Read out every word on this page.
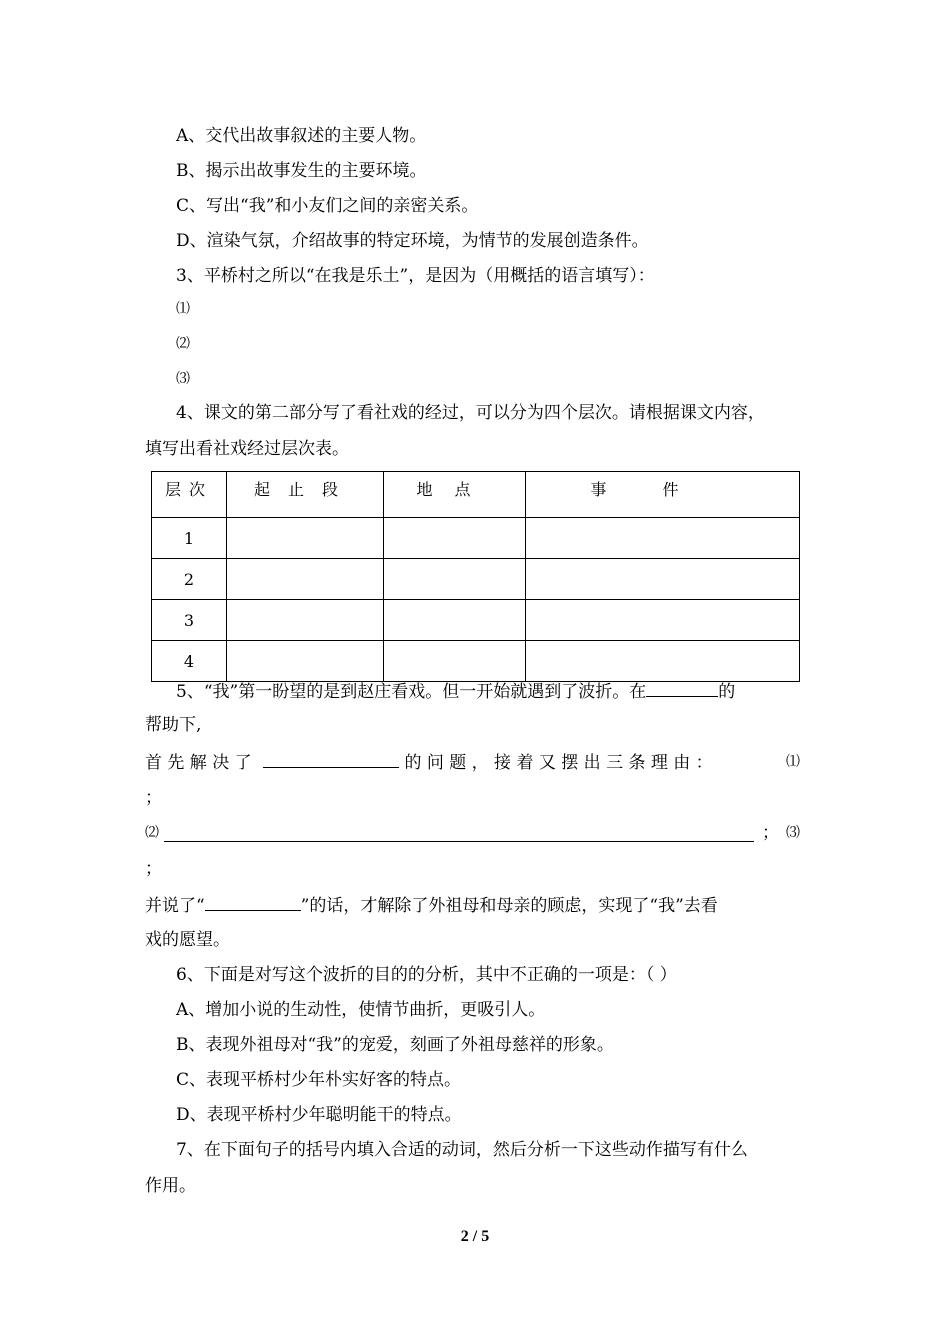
A、交代出故事叙述的主要人物。
B、揭示出故事发生的主要环境。
C、写出“我”和小友们之间的亲密关系。
D、渲染气氛，介绍故事的特定环境，为情节的发展创造条件。
3、平桥村之所以“在我是乐土”，是因为（用概括的语言填写）：
⑴
⑵
⑶
4、课文的第二部分写了看社戏的经过，可以分为四个层次。请根据课文内容，
填写出看社戏经过层次表。
层次	起止段	地点	事件
1			
2			
3			
4			
5、“我”第一盼望的是到赵庄看戏。但一开始就遇到了波折。在	的
帮助下,
首 先 解 决 了	的 问 题 ， 接 着 又 摆 出 三 条 理 由 ：	⑴
；
⑵	； ⑶
；
并说了“	”的话，才解除了外祖母和母亲的顾虑，实现了“我”去看
戏的愿望。
6、下面是对写这个波折的目的的分析，其中不正确的一项是：（ ）
A、增加小说的生动性，使情节曲折，更吸引人。
B、表现外祖母对“我”的宠爱，刻画了外祖母慈祥的形象。
C、表现平桥村少年朴实好客的特点。
D、表现平桥村少年聪明能干的特点。
7、在下面句子的括号内填入合适的动词，然后分析一下这些动作描写有什么
作用。
2 / 5
